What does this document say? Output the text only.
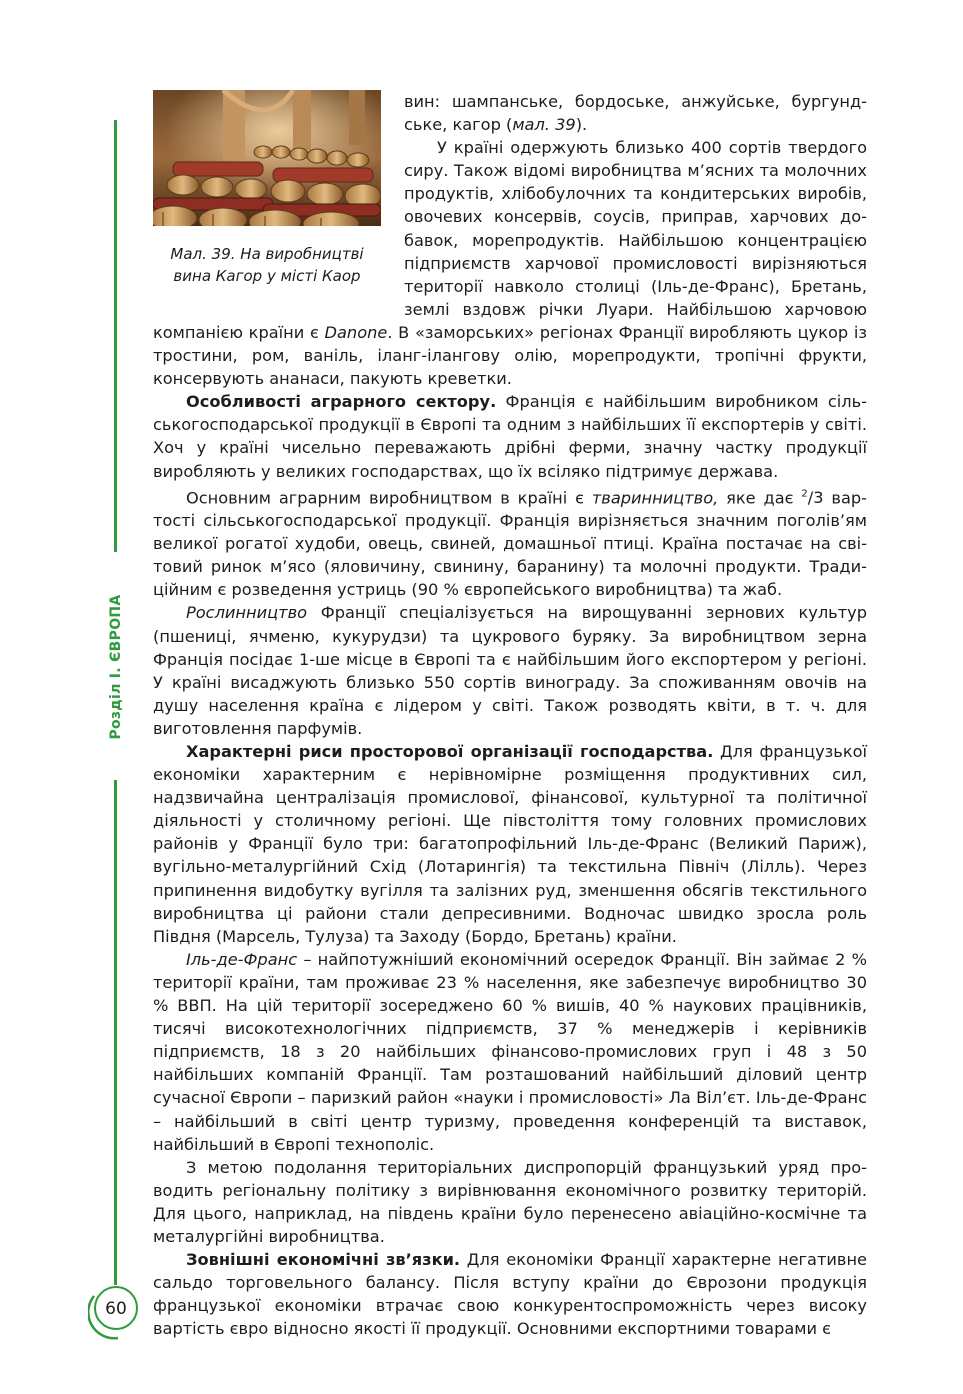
Мал. 39. На виробництві
вина Кагор у місті Каор

вин: шампанське, бордоське, анжуйське, бургундське, кагор (мал. 39).

У країні одержують близько 400 сортів твердого сиру. Також відомі виробництва м’ясних та молочних продуктів, хлібобулочних та кондитерських виробів, овочевих консервів, соусів, приправ, харчових добавок, морепродуктів. Найбільшою концентрацією підприємств харчової промисловості вирізняються території навколо столиці (Іль-де-Франс), Бретань, землі вздовж річки Луари. Найбільшою харчовою компанією країни є Danone. В «заморських» регіонах Франції виробляють цукор із тростини, ром, ваніль, іланг-ілангову олію, морепродукти, тропічні фрукти, консервують ананаси, пакують креветки.

Особливості аграрного сектору. Франція є найбільшим виробником сільськогосподарської продукції в Європі та одним з найбільших її експортерів у світі. Хоч у країні чисельно переважають дрібні ферми, значну частку продукції виробляють у великих господарствах, що їх всіляко підтримує держава.

Основним аграрним виробництвом в країні є тваринництво, яке дає $^2$/3 вартості сільськогосподарської продукції. Франція вирізняється значним поголів’ям великої рогатої худоби, овець, свиней, домашньої птиці. Країна постачає на світовий ринок м’ясо (яловичину, свинину, баранину) та молочні продукти. Традиційним є розведення устриць (90 % європейського виробництва) та жаб.

Рослинництво Франції спеціалізується на вирощуванні зернових культур (пшениці, ячменю, кукурудзи) та цукрового буряку. За виробництвом зерна Франція посідає 1-ше місце в Європі та є найбільшим його експортером у регіоні. У країні висаджують близько 550 сортів винограду. За споживанням овочів на душу населення країна є лідером у світі. Також розводять квіти, в т. ч. для виготовлення парфумів.

Характерні риси просторової організації господарства. Для французької економіки характерним є нерівномірне розміщення продуктивних сил, надзвичайна централізація промислової, фінансової, культурної та політичної діяльності у столичному регіоні. Ще півстоліття тому головних промислових районів у Франції було три: багатопрофільний Іль-де-Франс (Великий Париж), вугільно-металургійний Схід (Лотарингія) та текстильна Північ (Лілль). Через припинення видобутку вугілля та залізних руд, зменшення обсягів текстильного виробництва ці райони стали депресивними. Водночас швидко зросла роль Півдня (Марсель, Тулуза) та Заходу (Бордо, Бретань) країни.

Іль-де-Франс – найпотужніший економічний осередок Франції. Він займає 2 % території країни, там проживає 23 % населення, яке забезпечує виробництво 30 % ВВП. На цій території зосереджено 60 % вишів, 40 % наукових працівників, тисячі високотехнологічних підприємств, 37 % менеджерів і керівників підприємств, 18 з 20 найбільших фінансово-промислових груп і 48 з 50 найбільших компаній Франції. Там розташований найбільший діловий центр сучасної Європи – паризкий район «науки і промисловості» Ла Віл’єт. Іль-де-Франс – найбільший в світі центр туризму, проведення конференцій та виставок, найбільший в Європі технополіс.

З метою подолання територіальних диспропорцій французький уряд проводить регіональну політику з вирівнювання економічного розвитку територій. Для цього, наприклад, на південь країни було перенесено авіаційно-космічне та металургійні виробництва.

Зовнішні економічні зв’язки. Для економіки Франції характерне негативне сальдо торговельного балансу. Після вступу країни до Єврозони продукція французької економіки втрачає свою конкурентоспроможність через високу вартість євро відносно якості її продукції. Основними експортними товарами є

Розділ I. ЄВРОПА
60
